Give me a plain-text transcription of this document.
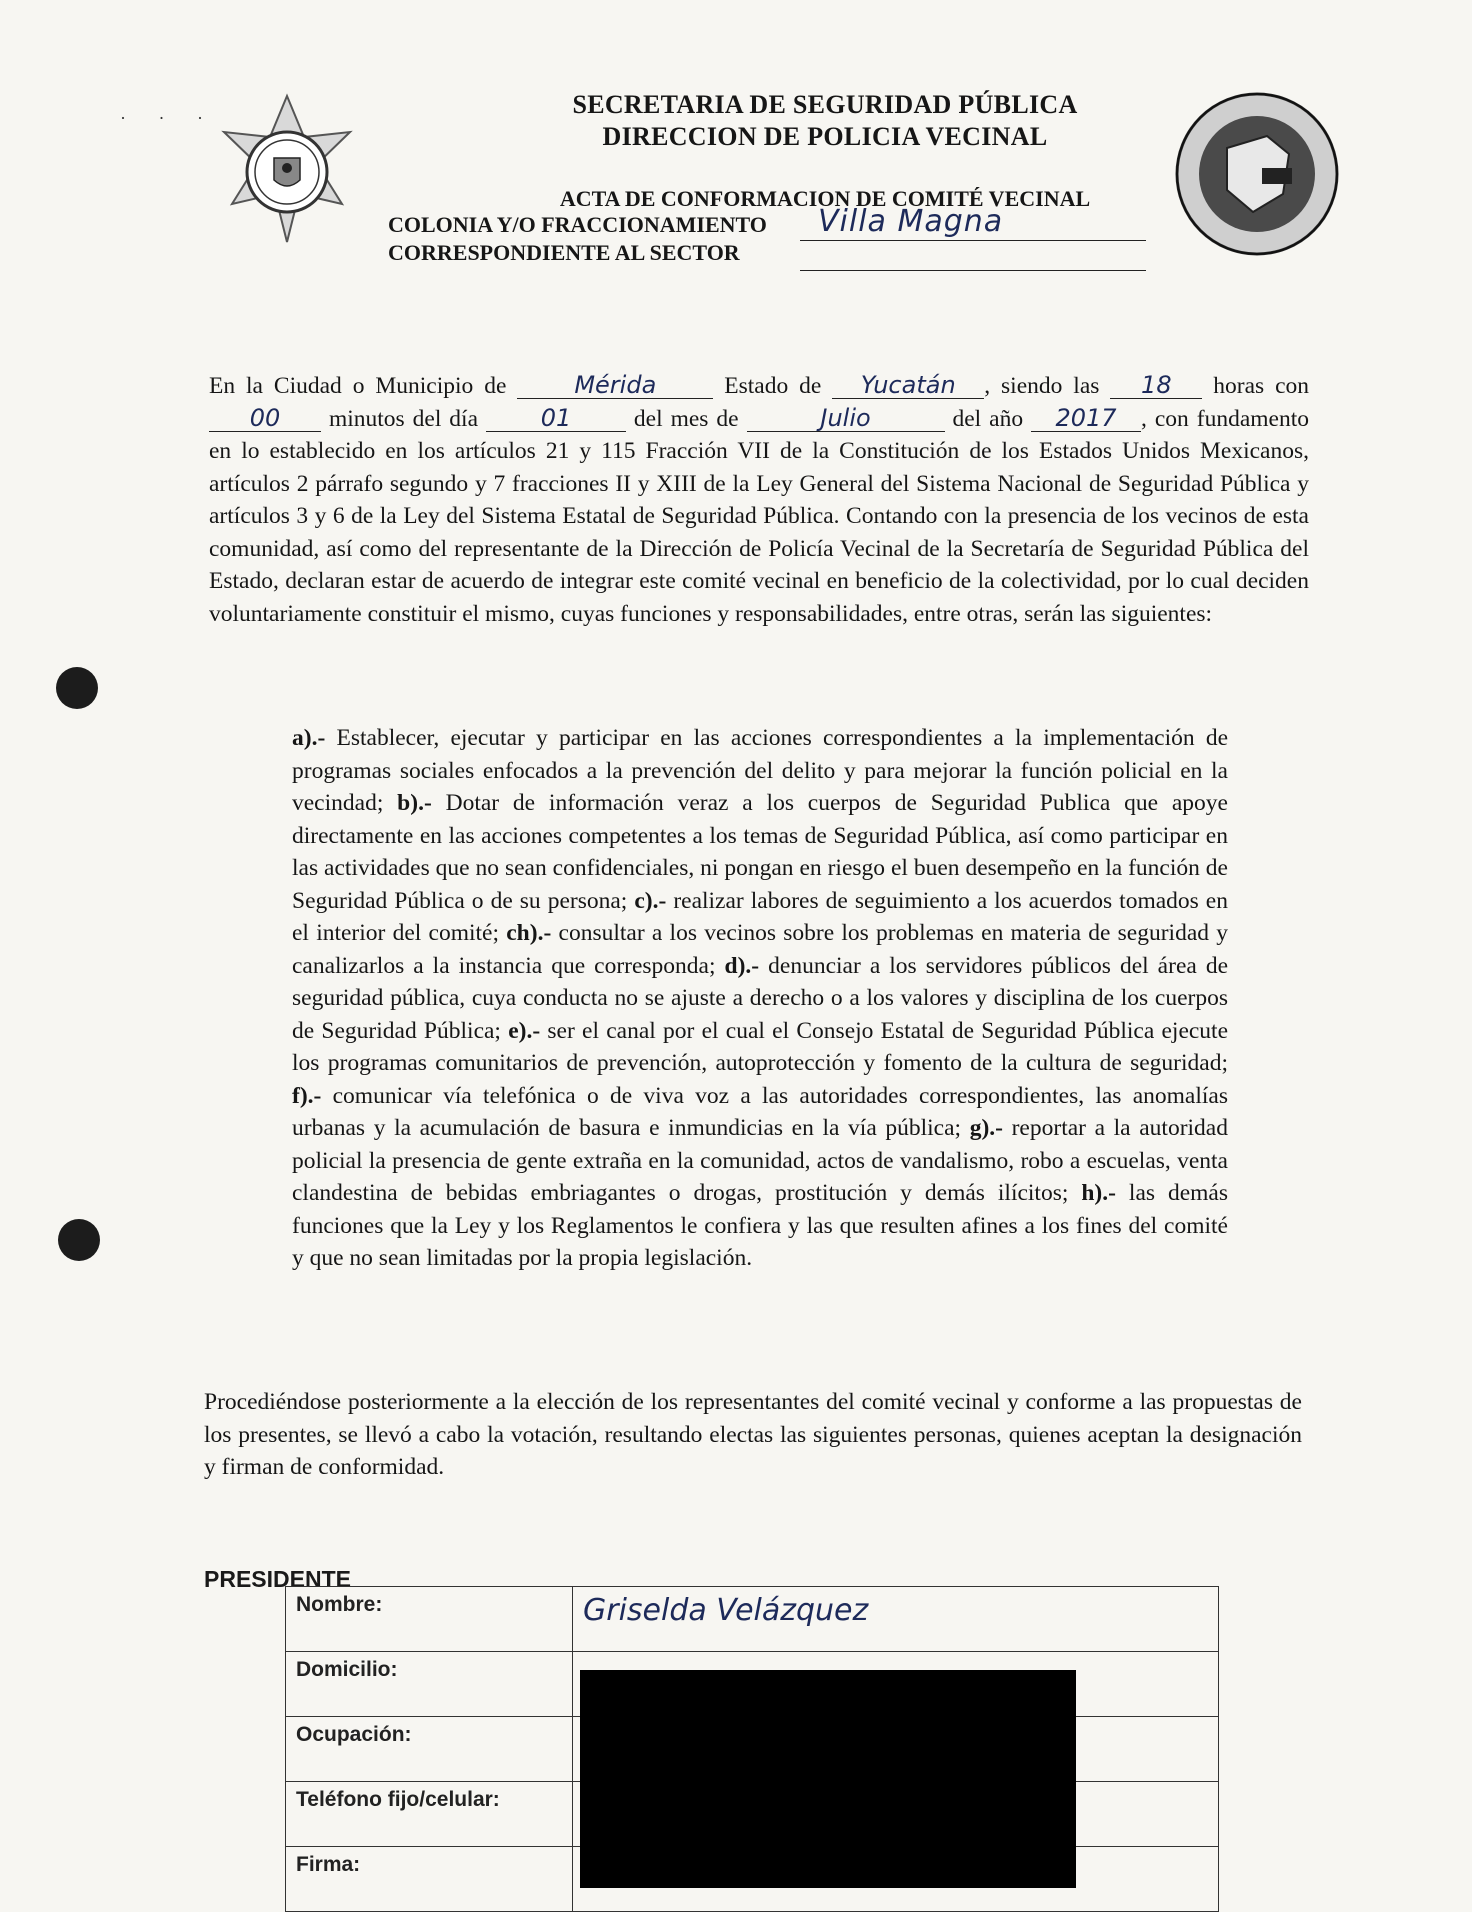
· · ·	SECRETARIA DE SEGURIDAD PÚBLICA
DIRECCION DE POLICIA VECINAL
ACTA DE CONFORMACION DE COMITÉ VECINAL
COLONIA Y/O FRACCIONAMIENTO Villa Magna
CORRESPONDIENTE AL SECTOR
En la Ciudad o Municipio de	Mérida	Estado de Yucatán , siendo las 18 horas con 00 minutos del día	01	del mes de	Julio	del año 2017 , con fundamento en lo establecido en los artículos 21 y 115 Fracción VII de la Constitución de los Estados Unidos Mexicanos, artículos 2 párrafo segundo y 7 fracciones II y XIII de la Ley General del Sistema Nacional de Seguridad Pública y artículos 3 y 6 de la Ley del Sistema Estatal de Seguridad Pública. Contando con la presencia de los vecinos de esta comunidad, así como del representante de la Dirección de Policía Vecinal de la Secretaría de Seguridad Pública del Estado, declaran estar de acuerdo de integrar este comité vecinal en beneficio de la colectividad, por lo cual deciden voluntariamente constituir el mismo, cuyas funciones y responsabilidades, entre otras, serán las siguientes:
a).- Establecer, ejecutar y participar en las acciones correspondientes a la implementación de programas sociales enfocados a la prevención del delito y para mejorar la función policial en la vecindad; b).- Dotar de información veraz a los cuerpos de Seguridad Publica que apoye directamente en las acciones competentes a los temas de Seguridad Pública, así como participar en las actividades que no sean confidenciales, ni pongan en riesgo el buen desempeño en la función de Seguridad Pública o de su persona; c).- realizar labores de seguimiento a los acuerdos tomados en el interior del comité; ch).- consultar a los vecinos sobre los problemas en materia de seguridad y canalizarlos a la instancia que corresponda; d).- denunciar a los servidores públicos del área de seguridad pública, cuya conducta no se ajuste a derecho o a los valores y disciplina de los cuerpos de Seguridad Pública; e).- ser el canal por el cual el Consejo Estatal de Seguridad Pública ejecute los programas comunitarios de prevención, autoprotección y fomento de la cultura de seguridad; f).- comunicar vía telefónica o de viva voz a las autoridades correspondientes, las anomalías urbanas y la acumulación de basura e inmundicias en la vía pública; g).- reportar a la autoridad policial la presencia de gente extraña en la comunidad, actos de vandalismo, robo a escuelas, venta clandestina de bebidas embriagantes o drogas, prostitución y demás ilícitos; h).- las demás funciones que la Ley y los Reglamentos le confiera y las que resulten afines a los fines del comité y que no sean limitadas por la propia legislación.
Procediéndose posteriormente a la elección de los representantes del comité vecinal y conforme a las propuestas de los presentes, se llevó a cabo la votación, resultando electas las siguientes personas, quienes aceptan la designación y firman de conformidad.
PRESIDENTE
Nombre:	Griselda Velázquez
Domicilio:	
Ocupación:	
Teléfono fijo/celular:	
Firma:	
